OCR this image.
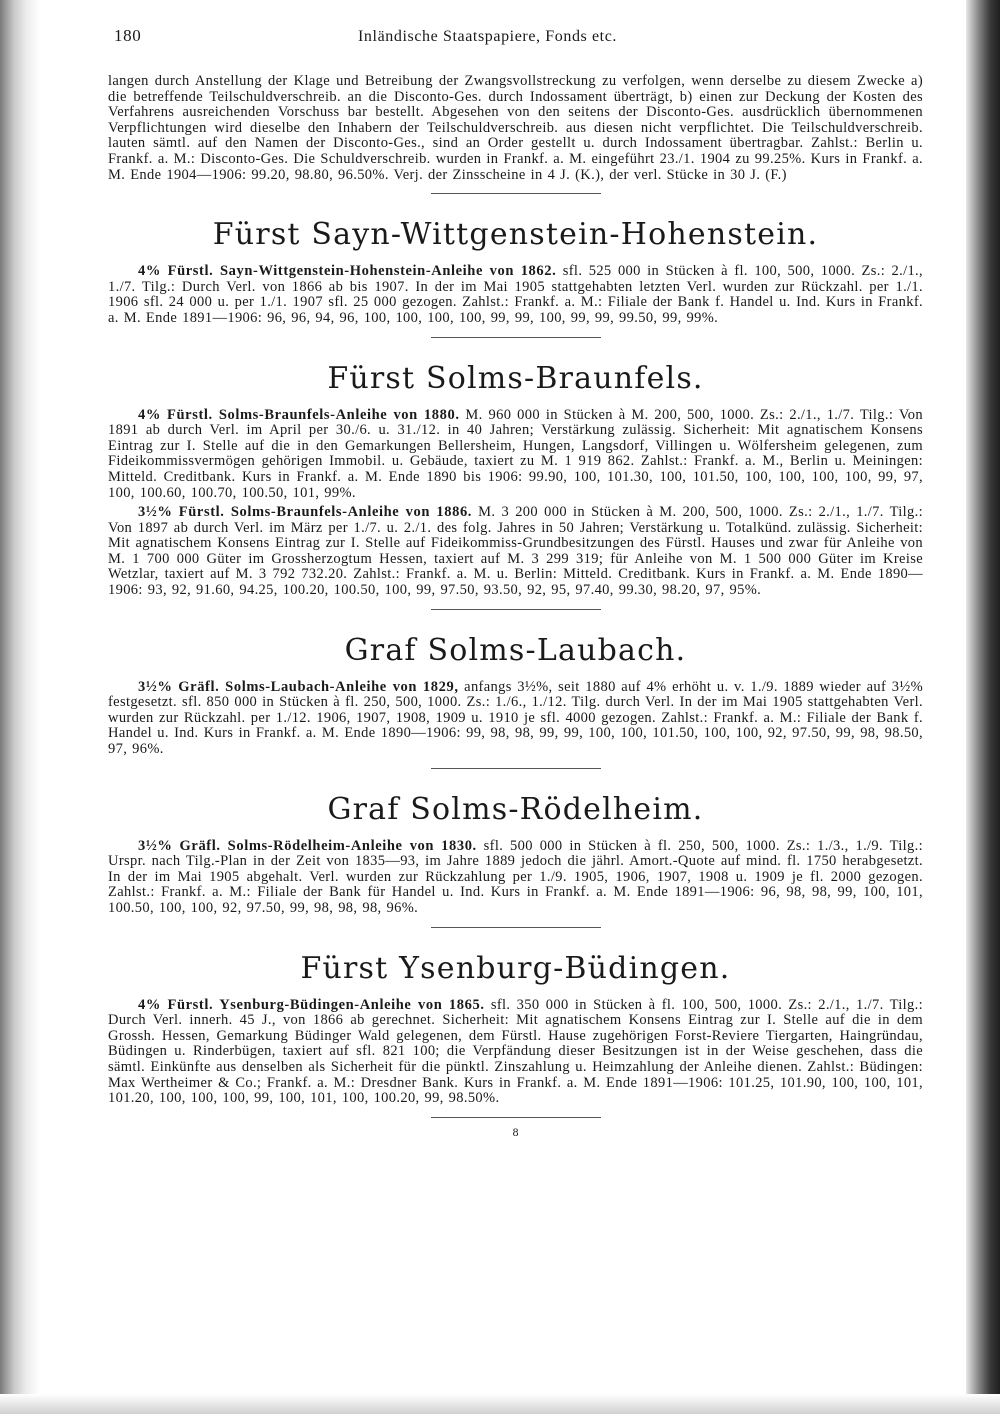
180	Inländische Staatspapiere, Fonds etc.

langen durch Anstellung der Klage und Betreibung der Zwangsvollstreckung zu verfolgen, wenn derselbe zu diesem Zwecke a) die betreffende Teilschuldverschreib. an die Disconto-Ges. durch Indossament überträgt, b) einen zur Deckung der Kosten des Verfahrens ausreichenden Vorschuss bar bestellt. Abgesehen von den seitens der Disconto-Ges. ausdrücklich übernommenen Verpflichtungen wird dieselbe den Inhabern der Teilschuldverschreib. aus diesen nicht verpflichtet. Die Teilschuldverschreib. lauten sämtl. auf den Namen der Disconto-Ges., sind an Order gestellt u. durch Indossament übertragbar. Zahlst.: Berlin u. Frankf. a. M.: Disconto-Ges. Die Schuldverschreib. wurden in Frankf. a. M. eingeführt 23./1. 1904 zu 99.25%. Kurs in Frankf. a. M. Ende 1904—1906: 99.20, 98.80, 96.50%. Verj. der Zinsscheine in 4 J. (K.), der verl. Stücke in 30 J. (F.)

Fürst Sayn-Wittgenstein-Hohenstein.

4% Fürstl. Sayn-Wittgenstein-Hohenstein-Anleihe von 1862. sfl. 525 000 in Stücken à fl. 100, 500, 1000. Zs.: 2./1., 1./7. Tilg.: Durch Verl. von 1866 ab bis 1907. In der im Mai 1905 stattgehabten letzten Verl. wurden zur Rückzahl. per 1./1. 1906 sfl. 24 000 u. per 1./1. 1907 sfl. 25 000 gezogen. Zahlst.: Frankf. a. M.: Filiale der Bank f. Handel u. Ind. Kurs in Frankf. a. M. Ende 1891—1906: 96, 96, 94, 96, 100, 100, 100, 100, 99, 99, 100, 99, 99, 99.50, 99, 99%.

Fürst Solms-Braunfels.

4% Fürstl. Solms-Braunfels-Anleihe von 1880. M. 960 000 in Stücken à M. 200, 500, 1000. Zs.: 2./1., 1./7. Tilg.: Von 1891 ab durch Verl. im April per 30./6. u. 31./12. in 40 Jahren; Verstärkung zulässig. Sicherheit: Mit agnatischem Konsens Eintrag zur I. Stelle auf die in den Gemarkungen Bellersheim, Hungen, Langsdorf, Villingen u. Wölfersheim gelegenen, zum Fideikommissvermögen gehörigen Immobil. u. Gebäude, taxiert zu M. 1 919 862. Zahlst.: Frankf. a. M., Berlin u. Meiningen: Mitteld. Creditbank. Kurs in Frankf. a. M. Ende 1890 bis 1906: 99.90, 100, 101.30, 100, 101.50, 100, 100, 100, 100, 99, 97, 100, 100.60, 100.70, 100.50, 101, 99%.

3½% Fürstl. Solms-Braunfels-Anleihe von 1886. M. 3 200 000 in Stücken à M. 200, 500, 1000. Zs.: 2./1., 1./7. Tilg.: Von 1897 ab durch Verl. im März per 1./7. u. 2./1. des folg. Jahres in 50 Jahren; Verstärkung u. Totalkünd. zulässig. Sicherheit: Mit agnatischem Konsens Eintrag zur I. Stelle auf Fideikommiss-Grundbesitzungen des Fürstl. Hauses und zwar für Anleihe von M. 1 700 000 Güter im Grossherzogtum Hessen, taxiert auf M. 3 299 319; für Anleihe von M. 1 500 000 Güter im Kreise Wetzlar, taxiert auf M. 3 792 732.20. Zahlst.: Frankf. a. M. u. Berlin: Mitteld. Creditbank. Kurs in Frankf. a. M. Ende 1890—1906: 93, 92, 91.60, 94.25, 100.20, 100.50, 100, 99, 97.50, 93.50, 92, 95, 97.40, 99.30, 98.20, 97, 95%.

Graf Solms-Laubach.

3½% Gräfl. Solms-Laubach-Anleihe von 1829, anfangs 3½%, seit 1880 auf 4% erhöht u. v. 1./9. 1889 wieder auf 3½% festgesetzt. sfl. 850 000 in Stücken à fl. 250, 500, 1000. Zs.: 1./6., 1./12. Tilg. durch Verl. In der im Mai 1905 stattgehabten Verl. wurden zur Rückzahl. per 1./12. 1906, 1907, 1908, 1909 u. 1910 je sfl. 4000 gezogen. Zahlst.: Frankf. a. M.: Filiale der Bank f. Handel u. Ind. Kurs in Frankf. a. M. Ende 1890—1906: 99, 98, 98, 99, 99, 100, 100, 101.50, 100, 100, 92, 97.50, 99, 98, 98.50, 97, 96%.

Graf Solms-Rödelheim.

3½% Gräfl. Solms-Rödelheim-Anleihe von 1830. sfl. 500 000 in Stücken à fl. 250, 500, 1000. Zs.: 1./3., 1./9. Tilg.: Urspr. nach Tilg.-Plan in der Zeit von 1835—93, im Jahre 1889 jedoch die jährl. Amort.-Quote auf mind. fl. 1750 herabgesetzt. In der im Mai 1905 abgehalt. Verl. wurden zur Rückzahlung per 1./9. 1905, 1906, 1907, 1908 u. 1909 je fl. 2000 gezogen. Zahlst.: Frankf. a. M.: Filiale der Bank für Handel u. Ind. Kurs in Frankf. a. M. Ende 1891—1906: 96, 98, 98, 99, 100, 101, 100.50, 100, 100, 92, 97.50, 99, 98, 98, 98, 96%.

Fürst Ysenburg-Büdingen.

4% Fürstl. Ysenburg-Büdingen-Anleihe von 1865. sfl. 350 000 in Stücken à fl. 100, 500, 1000. Zs.: 2./1., 1./7. Tilg.: Durch Verl. innerh. 45 J., von 1866 ab gerechnet. Sicherheit: Mit agnatischem Konsens Eintrag zur I. Stelle auf die in dem Grossh. Hessen, Gemarkung Büdinger Wald gelegenen, dem Fürstl. Hause zugehörigen Forst-Reviere Tiergarten, Haingründau, Büdingen u. Rinderbügen, taxiert auf sfl. 821 100; die Verpfändung dieser Besitzungen ist in der Weise geschehen, dass die sämtl. Einkünfte aus denselben als Sicherheit für die pünktl. Zinszahlung u. Heimzahlung der Anleihe dienen. Zahlst.: Büdingen: Max Wertheimer & Co.; Frankf. a. M.: Dresdner Bank. Kurs in Frankf. a. M. Ende 1891—1906: 101.25, 101.90, 100, 100, 101, 101.20, 100, 100, 100, 99, 100, 101, 100, 100.20, 99, 98.50%.

8
